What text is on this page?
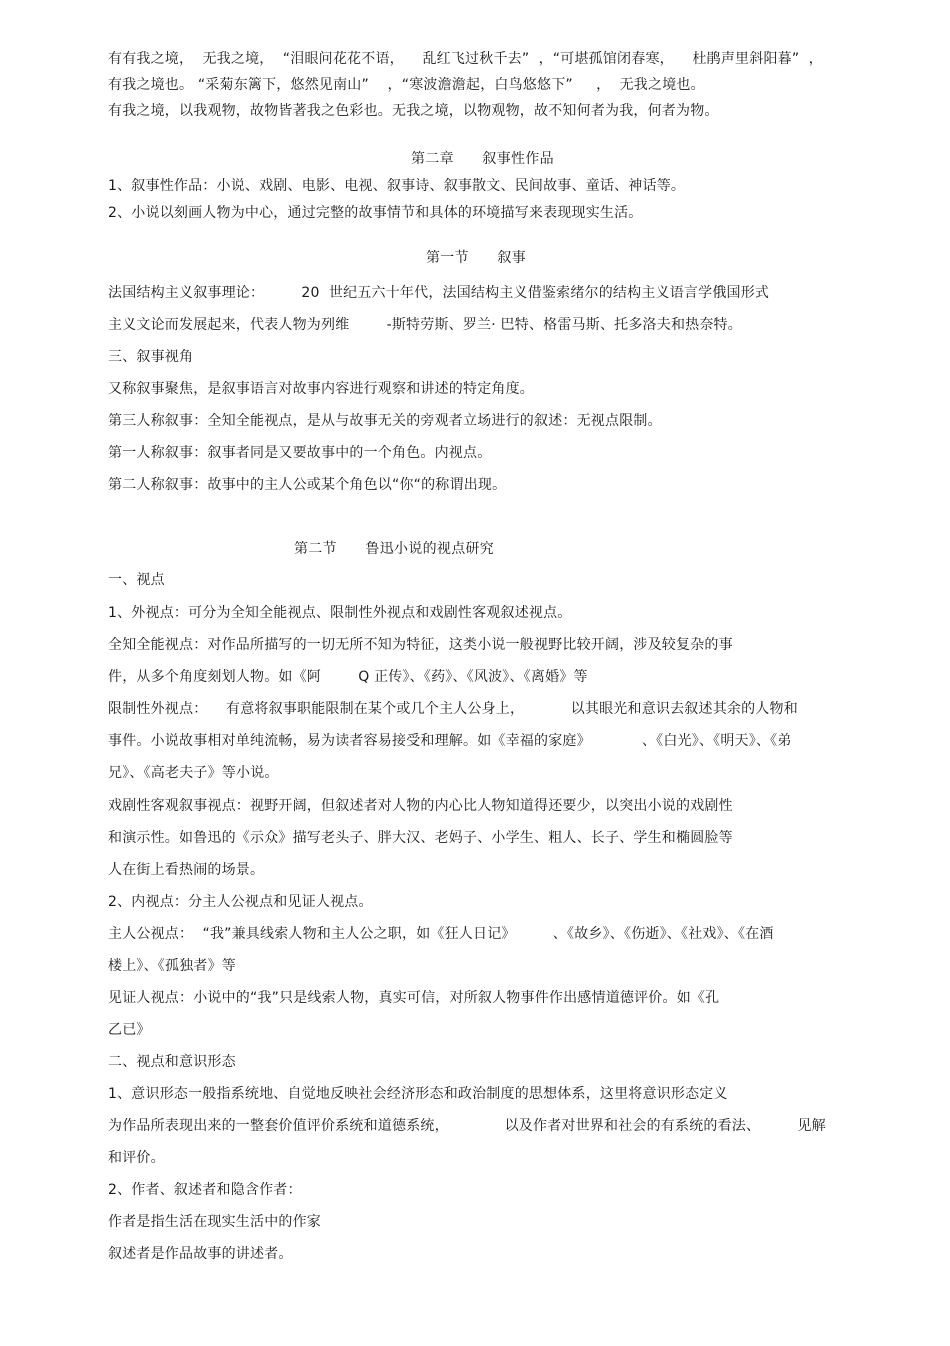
有有我之境，  无我之境，  “泪眼问花花不语，    乱红飞过秋千去”  ，“可堪孤馆闭春寒，    杜鹃声里斜阳暮”  ，
有我之境也。 “采菊东篱下，悠然见南山”    ，“寒波澹澹起，白鸟悠悠下”     ，  无我之境也。
有我之境，以我观物，故物皆著我之色彩也。无我之境，以物观物，故不知何者为我，何者为物。
第二章      叙事性作品
1、叙事性作品：小说、戏剧、电影、电视、叙事诗、叙事散文、民间故事、童话、神话等。
2、小说以刻画人物为中心，通过完整的故事情节和具体的环境描写来表现现实生活。
第一节      叙事
法国结构主义叙事理论：        20  世纪五六十年代，法国结构主义借鉴索绪尔的结构主义语言学俄国形式
主义文论而发展起来，代表人物为列维        -斯特劳斯、罗兰· 巴特、格雷马斯、托多洛夫和热奈特。
三、叙事视角
又称叙事聚焦，是叙事语言对故事内容进行观察和讲述的特定角度。
第三人称叙事：全知全能视点，是从与故事无关的旁观者立场进行的叙述：无视点限制。
第一人称叙事：叙事者同是又要故事中的一个角色。内视点。
第二人称叙事：故事中的主人公或某个角色以“你“的称谓出现。
第二节      鲁迅小说的视点研究
一、视点
1、外视点：可分为全知全能视点、限制性外视点和戏剧性客观叙述视点。
全知全能视点：对作品所描写的一切无所不知为特征，这类小说一般视野比较开阔，涉及较复杂的事
件，从多个角度刻划人物。如《阿        Q 正传》、《药》、《风波》、《离婚》等
限制性外视点：    有意将叙事职能限制在某个或几个主人公身上，          以其眼光和意识去叙述其余的人物和
事件。小说故事相对单纯流畅，易为读者容易接受和理解。如《幸福的家庭》           、《白光》、《明天》、《弟
兄》、《高老夫子》等小说。
戏剧性客观叙事视点：视野开阔，但叙述者对人物的内心比人物知道得还要少，以突出小说的戏剧性
和演示性。如鲁迅的《示众》描写老头子、胖大汉、老妈子、小学生、粗人、长子、学生和椭圆脸等
人在街上看热闹的场景。
2、内视点：分主人公视点和见证人视点。
主人公视点：  “我”兼具线索人物和主人公之职，如《狂人日记》        、《故乡》、《伤逝》、《社戏》、《在酒
楼上》、《孤独者》等
见证人视点：小说中的“我”只是线索人物，真实可信，对所叙人物事件作出感情道德评价。如《孔
乙已》
二、视点和意识形态
1、意识形态一般指系统地、自觉地反映社会经济形态和政治制度的思想体系，这里将意识形态定义
为作品所表现出来的一整套价值评价系统和道德系统，            以及作者对世界和社会的有系统的看法、        见解
和评价。
2、作者、叙述者和隐含作者：
作者是指生活在现实生活中的作家
叙述者是作品故事的讲述者。
